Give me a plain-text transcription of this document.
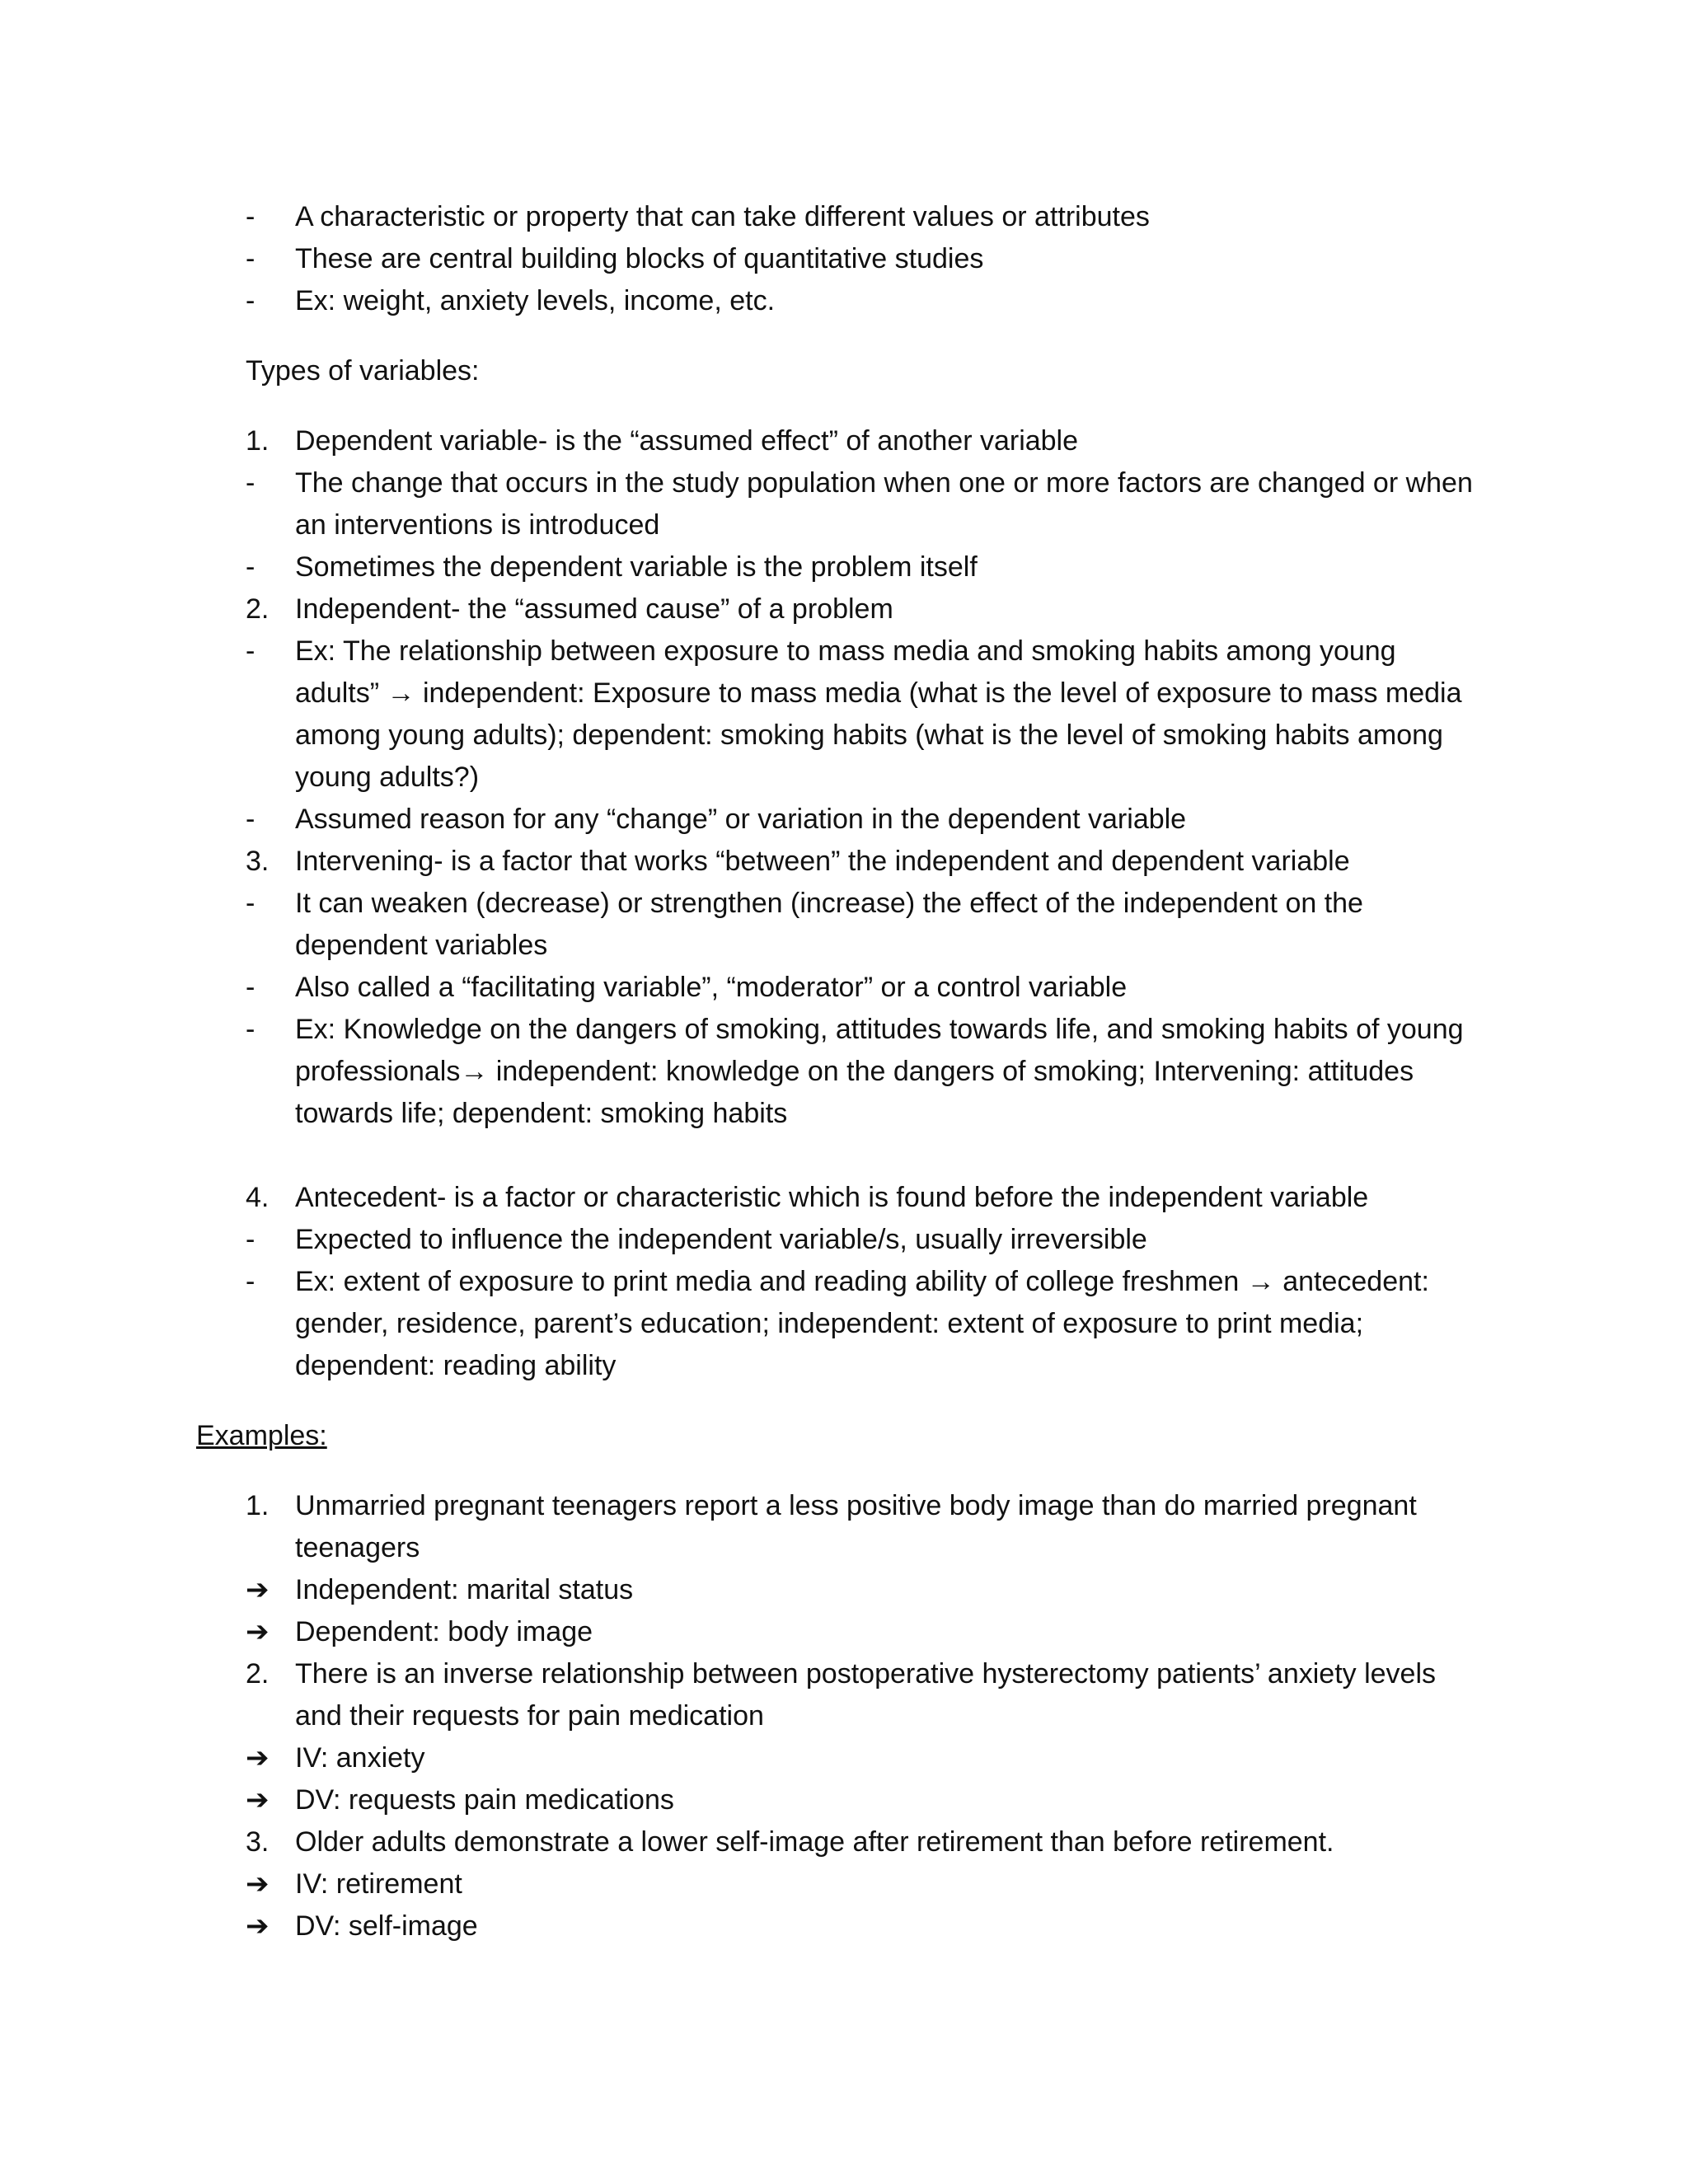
-	A characteristic or property that can take different values or attributes
-	These are central building blocks of quantitative studies
-	Ex: weight, anxiety levels, income, etc.
Types of variables:
1. Dependent variable- is the “assumed effect” of another variable
-	The change that occurs in the study population when one or more factors are changed or when an interventions is introduced
-	Sometimes the dependent variable is the problem itself
2. Independent- the “assumed cause” of a problem
-	Ex: The relationship between exposure to mass media and smoking habits among young adults” → independent: Exposure to mass media (what is the level of exposure to mass media among young adults); dependent: smoking habits (what is the level of smoking habits among young adults?)
-	Assumed reason for any “change” or variation in the dependent variable
3. Intervening- is a factor that works “between” the independent and dependent variable
-	It can weaken (decrease) or strengthen (increase) the effect of the independent on the dependent variables
-	Also called a “facilitating variable”, “moderator” or a control variable
-	Ex: Knowledge on the dangers of smoking, attitudes towards life, and smoking habits of young professionals→ independent: knowledge on the dangers of smoking; Intervening: attitudes towards life; dependent: smoking habits
4. Antecedent- is a factor or characteristic which is found before the independent variable
-	Expected to influence the independent variable/s, usually irreversible
-	Ex: extent of exposure to print media and reading ability of college freshmen → antecedent: gender, residence, parent’s education; independent: extent of exposure to print media; dependent: reading ability
Examples:
1. Unmarried pregnant teenagers report a less positive body image than do married pregnant teenagers
➔ Independent: marital status
➔ Dependent: body image
2. There is an inverse relationship between postoperative hysterectomy patients’ anxiety levels and their requests for pain medication
➔ IV: anxiety
➔ DV: requests pain medications
3. Older adults demonstrate a lower self-image after retirement than before retirement.
➔ IV: retirement
➔ DV: self-image
